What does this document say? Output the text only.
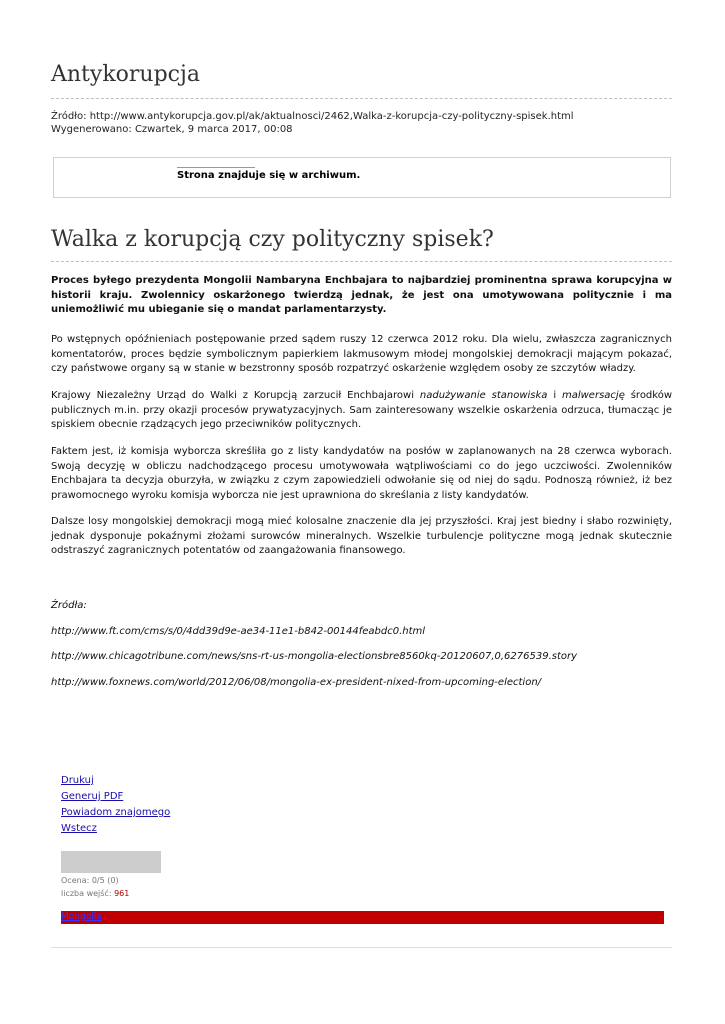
Antykorupcja
Źródło: http://www.antykorupcja.gov.pl/ak/aktualnosci/2462,Walka-z-korupcja-czy-polityczny-spisek.html
Wygenerowano: Czwartek, 9 marca 2017, 00:08
Strona znajduje się w archiwum.
Walka z korupcją czy polityczny spisek?

Proces byłego prezydenta Mongolii Nambaryna Enchbajara to najbardziej prominentna sprawa korupcyjna w historii kraju. Zwolennicy oskarżonego twierdzą jednak, że jest ona umotywowana politycznie i ma uniemożliwić mu ubieganie się o mandat parlamentarzysty.

Po wstępnych opóźnieniach postępowanie przed sądem ruszy 12 czerwca 2012 roku. Dla wielu, zwłaszcza zagranicznych komentatorów, proces będzie symbolicznym papierkiem lakmusowym młodej mongolskiej demokracji mającym pokazać, czy państwowe organy są w stanie w bezstronny sposób rozpatrzyć oskarżenie względem osoby ze szczytów władzy.

Krajowy Niezależny Urząd do Walki z Korupcją zarzucił Enchbajarowi nadużywanie stanowiska i malwersację środków publicznych m.in. przy okazji procesów prywatyzacyjnych. Sam zainteresowany wszelkie oskarżenia odrzuca, tłumacząc je spiskiem obecnie rządzących jego przeciwników politycznych.

Faktem jest, iż komisja wyborcza skreśliła go z listy kandydatów na posłów w zaplanowanych na 28 czerwca wyborach. Swoją decyzję w obliczu nadchodzącego procesu umotywowała wątpliwościami co do jego uczciwości. Zwolenników Enchbajara ta decyzja oburzyła, w związku z czym zapowiedzieli odwołanie się od niej do sądu. Podnoszą również, iż bez prawomocnego wyroku komisja wyborcza nie jest uprawniona do skreślania z listy kandydatów.

Dalsze losy mongolskiej demokracji mogą mieć kolosalne znaczenie dla jej przyszłości. Kraj jest biedny i słabo rozwinięty, jednak dysponuje pokaźnymi złożami surowców mineralnych. Wszelkie turbulencje polityczne mogą jednak skutecznie odstraszyć zagranicznych potentatów od zaangażowania finansowego.

Źródła:
http://www.ft.com/cms/s/0/4dd39d9e-ae34-11e1-b842-00144feabdc0.html
http://www.chicagotribune.com/news/sns-rt-us-mongolia-electionsbre8560kq-20120607,0,6276539.story
http://www.foxnews.com/world/2012/06/08/mongolia-ex-president-nixed-from-upcoming-election/
Drukuj
Generuj PDF
Powiadom znajomego
Wstecz
Ocena: 0/5 (0)
liczba wejść: 961
Mongolia
